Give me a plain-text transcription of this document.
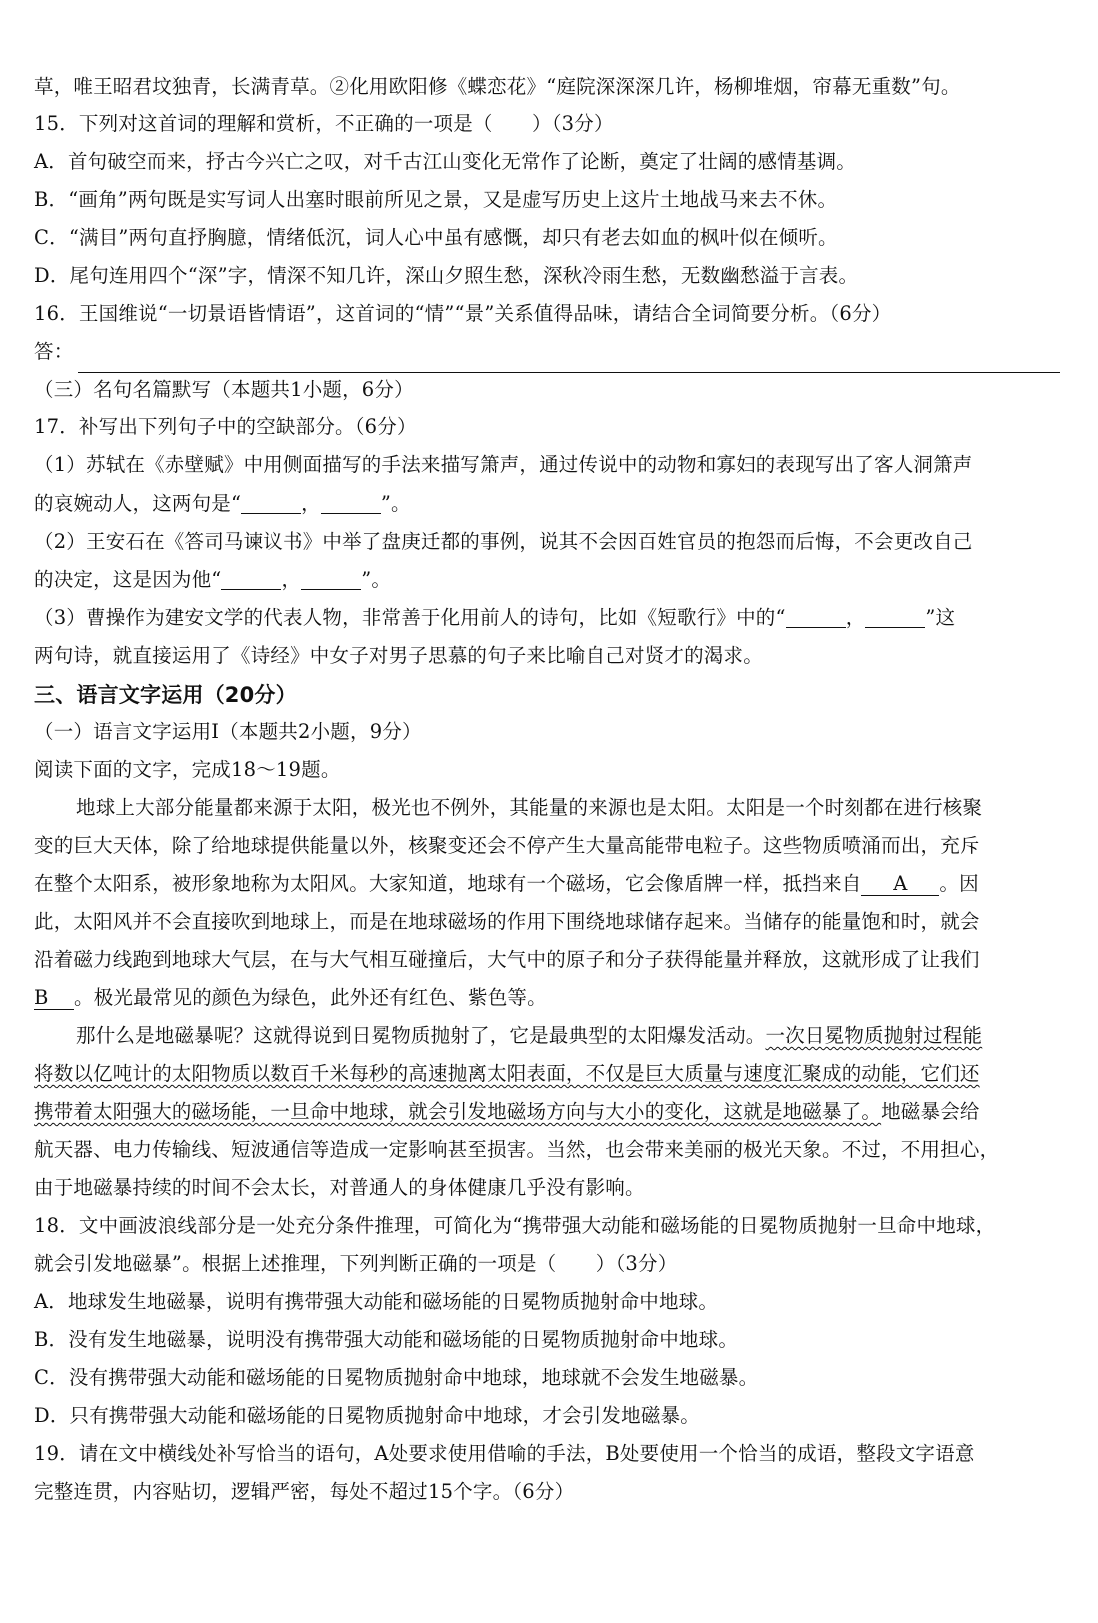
草，唯王昭君坟独青，长满青草。②化用欧阳修《蝶恋花》“庭院深深深几许，杨柳堆烟，帘幕无重数”句。
15．下列对这首词的理解和赏析，不正确的一项是（　　）（3分）
A．首句破空而来，抒古今兴亡之叹，对千古江山变化无常作了论断，奠定了壮阔的感情基调。
B．“画角”两句既是实写词人出塞时眼前所见之景，又是虚写历史上这片土地战马来去不休。
C．“满目”两句直抒胸臆，情绪低沉，词人心中虽有感慨，却只有老去如血的枫叶似在倾听。
D．尾句连用四个“深”字，情深不知几许，深山夕照生愁，深秋冷雨生愁，无数幽愁溢于言表。
16．王国维说“一切景语皆情语”，这首词的“情”“景”关系值得品味，请结合全词简要分析。（6分）
答：
（三）名句名篇默写（本题共1小题，6分）
17．补写出下列句子中的空缺部分。（6分）
（1）苏轼在《赤壁赋》中用侧面描写的手法来描写箫声，通过传说中的动物和寡妇的表现写出了客人洞箫声
的哀婉动人，这两句是“	，	”。
（2）王安石在《答司马谏议书》中举了盘庚迁都的事例，说其不会因百姓官员的抱怨而后悔，不会更改自己
的决定，这是因为他“	，	”。
（3）曹操作为建安文学的代表人物，非常善于化用前人的诗句，比如《短歌行》中的“	，	”这
两句诗，就直接运用了《诗经》中女子对男子思慕的句子来比喻自己对贤才的渴求。
三、语言文字运用（20分）
（一）语言文字运用Ⅰ（本题共2小题，9分）
阅读下面的文字，完成18～19题。
地球上大部分能量都来源于太阳，极光也不例外，其能量的来源也是太阳。太阳是一个时刻都在进行核聚
变的巨大天体，除了给地球提供能量以外，核聚变还会不停产生大量高能带电粒子。这些物质喷涌而出，充斥
在整个太阳系，被形象地称为太阳风。大家知道，地球有一个磁场，它会像盾牌一样，抵挡来自 A 。因
此，太阳风并不会直接吹到地球上，而是在地球磁场的作用下围绕地球储存起来。当储存的能量饱和时，就会
沿着磁力线跑到地球大气层，在与大气相互碰撞后，大气中的原子和分子获得能量并释放，这就形成了让我们
B 。极光最常见的颜色为绿色，此外还有红色、紫色等。
那什么是地磁暴呢？这就得说到日冕物质抛射了，它是最典型的太阳爆发活动。一次日冕物质抛射过程能
将数以亿吨计的太阳物质以数百千米每秒的高速抛离太阳表面，不仅是巨大质量与速度汇聚成的动能，它们还
携带着太阳强大的磁场能，一旦命中地球，就会引发地磁场方向与大小的变化，这就是地磁暴了。地磁暴会给
航天器、电力传输线、短波通信等造成一定影响甚至损害。当然，也会带来美丽的极光天象。不过，不用担心，
由于地磁暴持续的时间不会太长，对普通人的身体健康几乎没有影响。
18．文中画波浪线部分是一处充分条件推理，可简化为“携带强大动能和磁场能的日冕物质抛射一旦命中地球，
就会引发地磁暴”。根据上述推理，下列判断正确的一项是（　　）（3分）
A．地球发生地磁暴，说明有携带强大动能和磁场能的日冕物质抛射命中地球。
B．没有发生地磁暴，说明没有携带强大动能和磁场能的日冕物质抛射命中地球。
C．没有携带强大动能和磁场能的日冕物质抛射命中地球，地球就不会发生地磁暴。
D．只有携带强大动能和磁场能的日冕物质抛射命中地球，才会引发地磁暴。
19．请在文中横线处补写恰当的语句，A处要求使用借喻的手法，B处要使用一个恰当的成语，整段文字语意
完整连贯，内容贴切，逻辑严密，每处不超过15个字。（6分）
